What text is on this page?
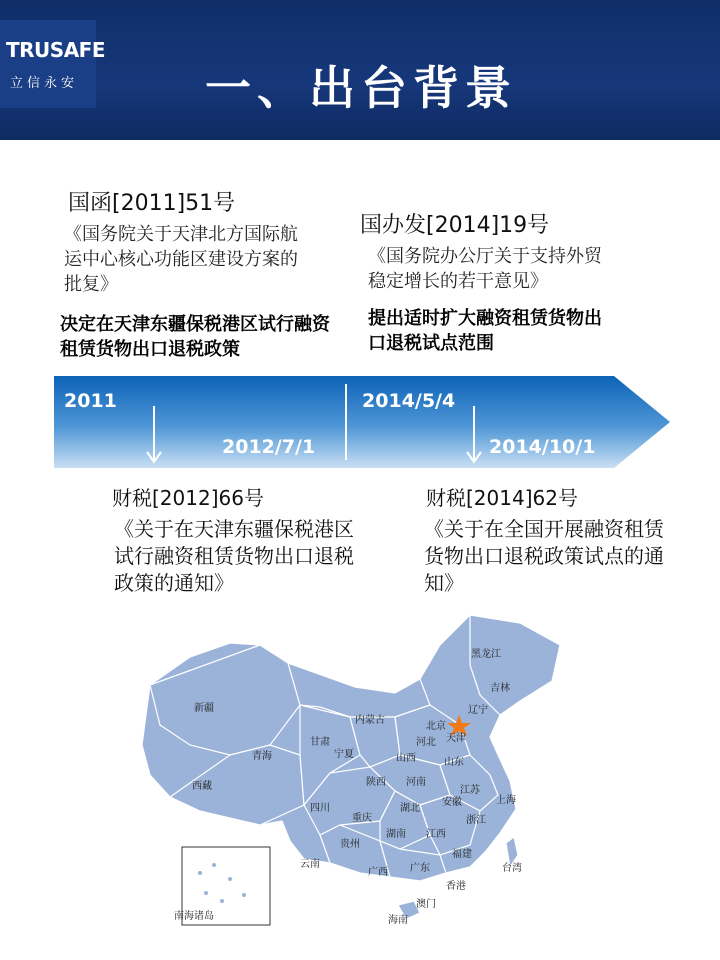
TRUSAFE
立信永安	一、出台背景
国函[2011]51号
《国务院关于天津北方国际航运中心核心功能区建设方案的批复》
决定在天津东疆保税港区试行融资租赁货物出口退税政策
国办发[2014]19号
《国务院办公厅关于支持外贸稳定增长的若干意见》
提出适时扩大融资租赁货物出口退税试点范围
2011
2012/7/1
2014/5/4
2014/10/1
财税[2012]66号
《关于在天津东疆保税港区试行融资租赁货物出口退税政策的通知》
财税[2014]62号
《关于在全国开展融资租赁货物出口退税政策试点的通知》
黑龙江
吉林
辽宁
新疆
内蒙古
北京
天津
河北
甘肃
宁夏	山西	山东
青海
陕西 河南
江苏
西藏
四川	湖北
安徽	上海
重庆	浙江
湖南 江西
贵州
福建
云南
广西 广东	台湾
香港
澳门
海南
南海诸岛
